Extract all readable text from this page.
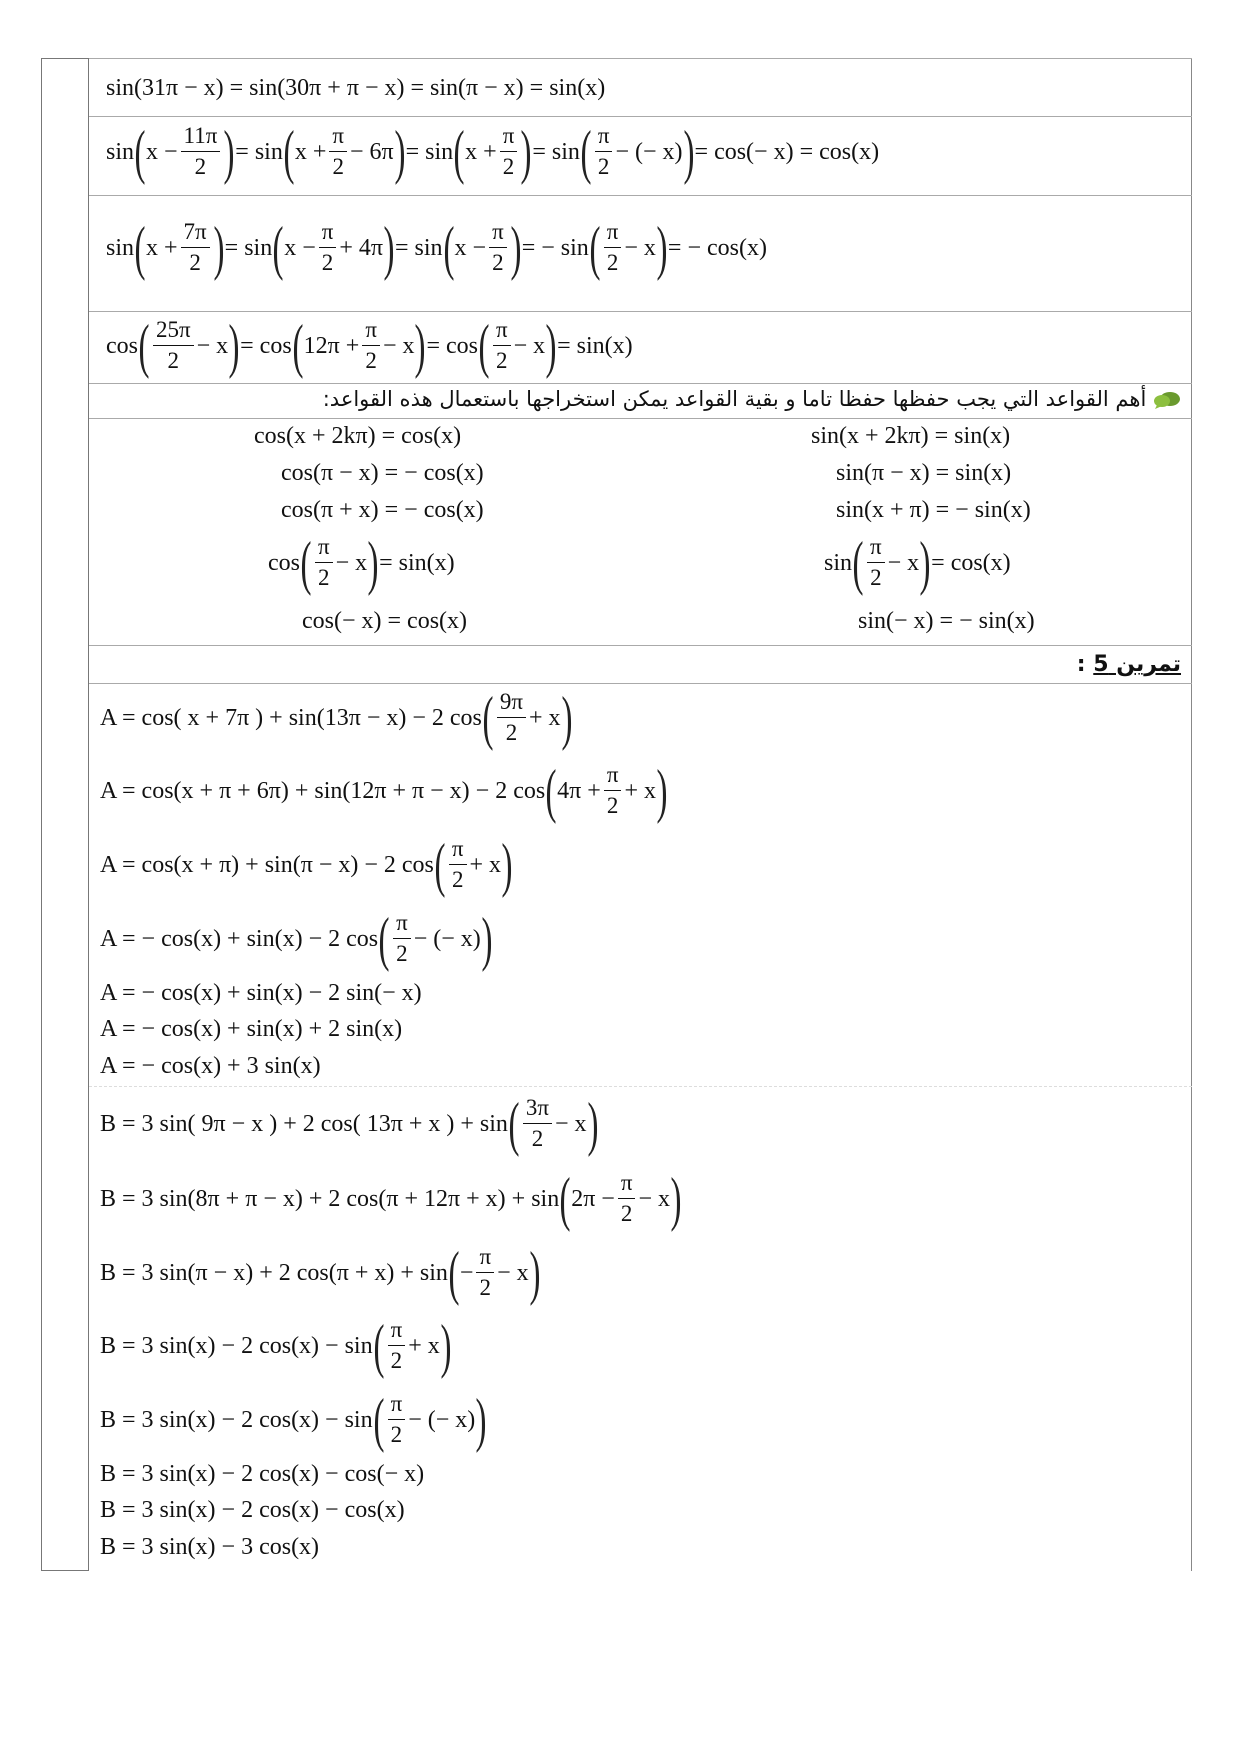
sin(31π − x) = sin(30π + π − x) = sin(π − x) = sin(x)
sin ( $x - \frac{11\pi}{2}$ ) = sin ( $x + \frac{\pi}{2} - 6\pi$ ) = sin ( $x + \frac{\pi}{2}$ ) = sin ( $\frac{\pi}{2}$ − (− x) ) = cos(− x) = cos(x)
sin ( $x + \frac{7\pi}{2}$ ) = sin ( $x - \frac{\pi}{2} + 4\pi$ ) = sin ( $x - \frac{\pi}{2}$ ) = − sin ( $\frac{\pi}{2} - x$ ) = − cos(x)
cos ( $\frac{25\pi}{2} - x$ ) = cos ( $12\pi + \frac{\pi}{2} - x$ ) = cos ( $\frac{\pi}{2} - x$ ) = sin(x)
أهم القواعد التي يجب حفظها حفظا تاما و بقية القواعد يمكن استخراجها باستعمال هذه القواعد:
cos(x + 2kπ) = cos(x)
cos(π − x) = − cos(x)
cos(π + x) = − cos(x)
cos ( $\frac{\pi}{2} - x$ ) = sin(x)
cos(− x) = cos(x)
sin(x + 2kπ) = sin(x)
sin(π − x) = sin(x)
sin(x + π) = − sin(x)
sin ( $\frac{\pi}{2} - x$ ) = cos(x)
sin(− x) = − sin(x)
تمرين 5 :
A = cos( x + 7π ) + sin(13π − x) − 2 cos ( $\frac{9\pi}{2} + x$ )
A = cos(x + π + 6π) + sin(12π + π − x) − 2 cos ( $4\pi + \frac{\pi}{2} + x$ )
A = cos(x + π) + sin(π − x) − 2 cos ( $\frac{\pi}{2} + x$ )
A = − cos(x) + sin(x) − 2 cos ( $\frac{\pi}{2}$ − (− x) )
A = − cos(x) + sin(x) − 2 sin(− x)
A = − cos(x) + sin(x) + 2 sin(x)
A = − cos(x) + 3 sin(x)
B = 3 sin( 9π − x ) + 2 cos( 13π + x ) + sin ( $\frac{3\pi}{2} - x$ )
B = 3 sin(8π + π − x) + 2 cos(π + 12π + x) + sin ( $2\pi - \frac{\pi}{2} - x$ )
B = 3 sin(π − x) + 2 cos(π + x) + sin ( − $\frac{\pi}{2} - x$ )
B = 3 sin(x) − 2 cos(x) − sin ( $\frac{\pi}{2} + x$ )
B = 3 sin(x) − 2 cos(x) − sin ( $\frac{\pi}{2}$ − (− x) )
B = 3 sin(x) − 2 cos(x) − cos(− x)
B = 3 sin(x) − 2 cos(x) − cos(x)
B = 3 sin(x) − 3 cos(x)
